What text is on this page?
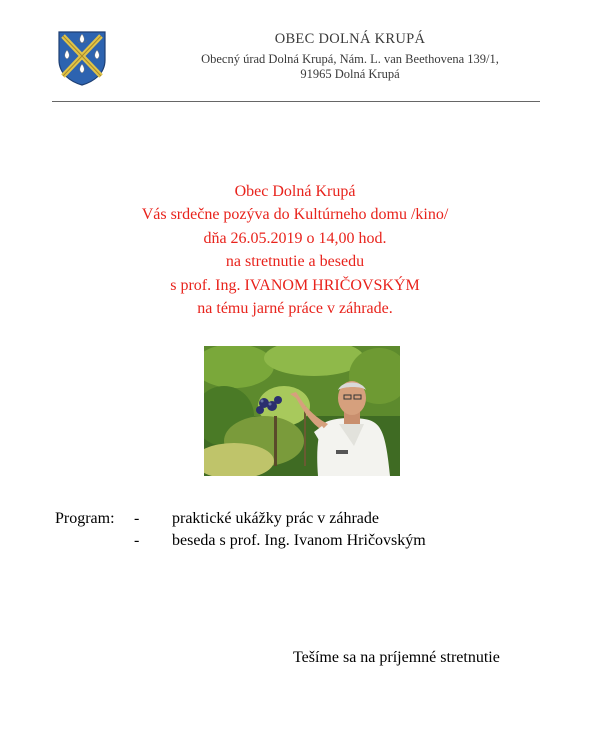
OBEC DOLNÁ KRUPÁ
Obecný úrad Dolná Krupá, Nám. L. van Beethovena 139/1,
91965 Dolná Krupá
Obec Dolná Krupá
Vás srdečne pozýva do Kultúrneho domu /kino/
dňa 26.05.2019 o 14,00 hod.
na stretnutie a besedu
s prof. Ing. IVANOM HRIČOVSKÝM
na tému jarné práce v záhrade.
Program: - praktické ukážky prác v záhrade
- beseda s prof. Ing. Ivanom Hričovským
Tešíme sa na príjemné stretnutie
